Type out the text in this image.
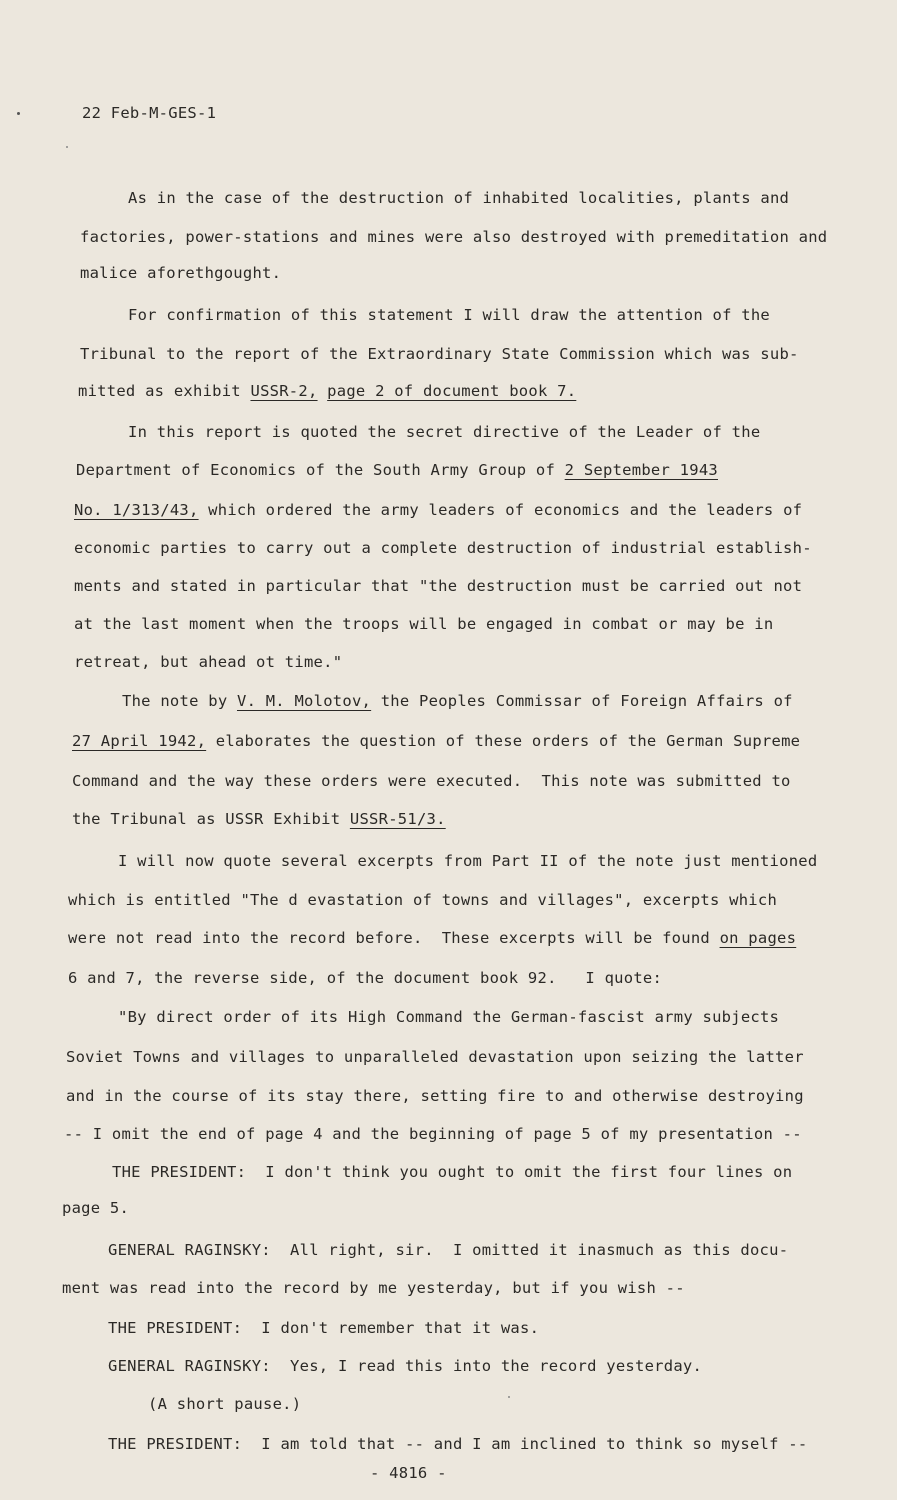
22 Feb-M-GES-1
As in the case of the destruction of inhabited localities, plants and
factories, power-stations and mines were also destroyed with premeditation and
malice aforethgought.
For confirmation of this statement I will draw the attention of the
Tribunal to the report of the Extraordinary State Commission which was sub-
mitted as exhibit USSR-2, page 2 of document book 7.
In this report is quoted the secret directive of the Leader of the
Department of Economics of the South Army Group of 2 September 1943
No. 1/313/43, which ordered the army leaders of economics and the leaders of
economic parties to carry out a complete destruction of industrial establish-
ments and stated in particular that "the destruction must be carried out not
at the last moment when the troops will be engaged in combat or may be in
retreat, but ahead ot time."
The note by V. M. Molotov, the Peoples Commissar of Foreign Affairs of
27 April 1942, elaborates the question of these orders of the German Supreme
Command and the way these orders were executed.  This note was submitted to
the Tribunal as USSR Exhibit USSR-51/3.
I will now quote several excerpts from Part II of the note just mentioned
which is entitled "The d evastation of towns and villages", excerpts which
were not read into the record before.  These excerpts will be found on pages
6 and 7, the reverse side, of the document book 92.   I quote:
"By direct order of its High Command the German-fascist army subjects
Soviet Towns and villages to unparalleled devastation upon seizing the latter
and in the course of its stay there, setting fire to and otherwise destroying
-- I omit the end of page 4 and the beginning of page 5 of my presentation --
THE PRESIDENT:  I don't think you ought to omit the first four lines on
page 5.
GENERAL RAGINSKY:  All right, sir.  I omitted it inasmuch as this docu-
ment was read into the record by me yesterday, but if you wish --
THE PRESIDENT:  I don't remember that it was.
GENERAL RAGINSKY:  Yes, I read this into the record yesterday.
(A short pause.)
THE PRESIDENT:  I am told that -- and I am inclined to think so myself --
- 4816 -
